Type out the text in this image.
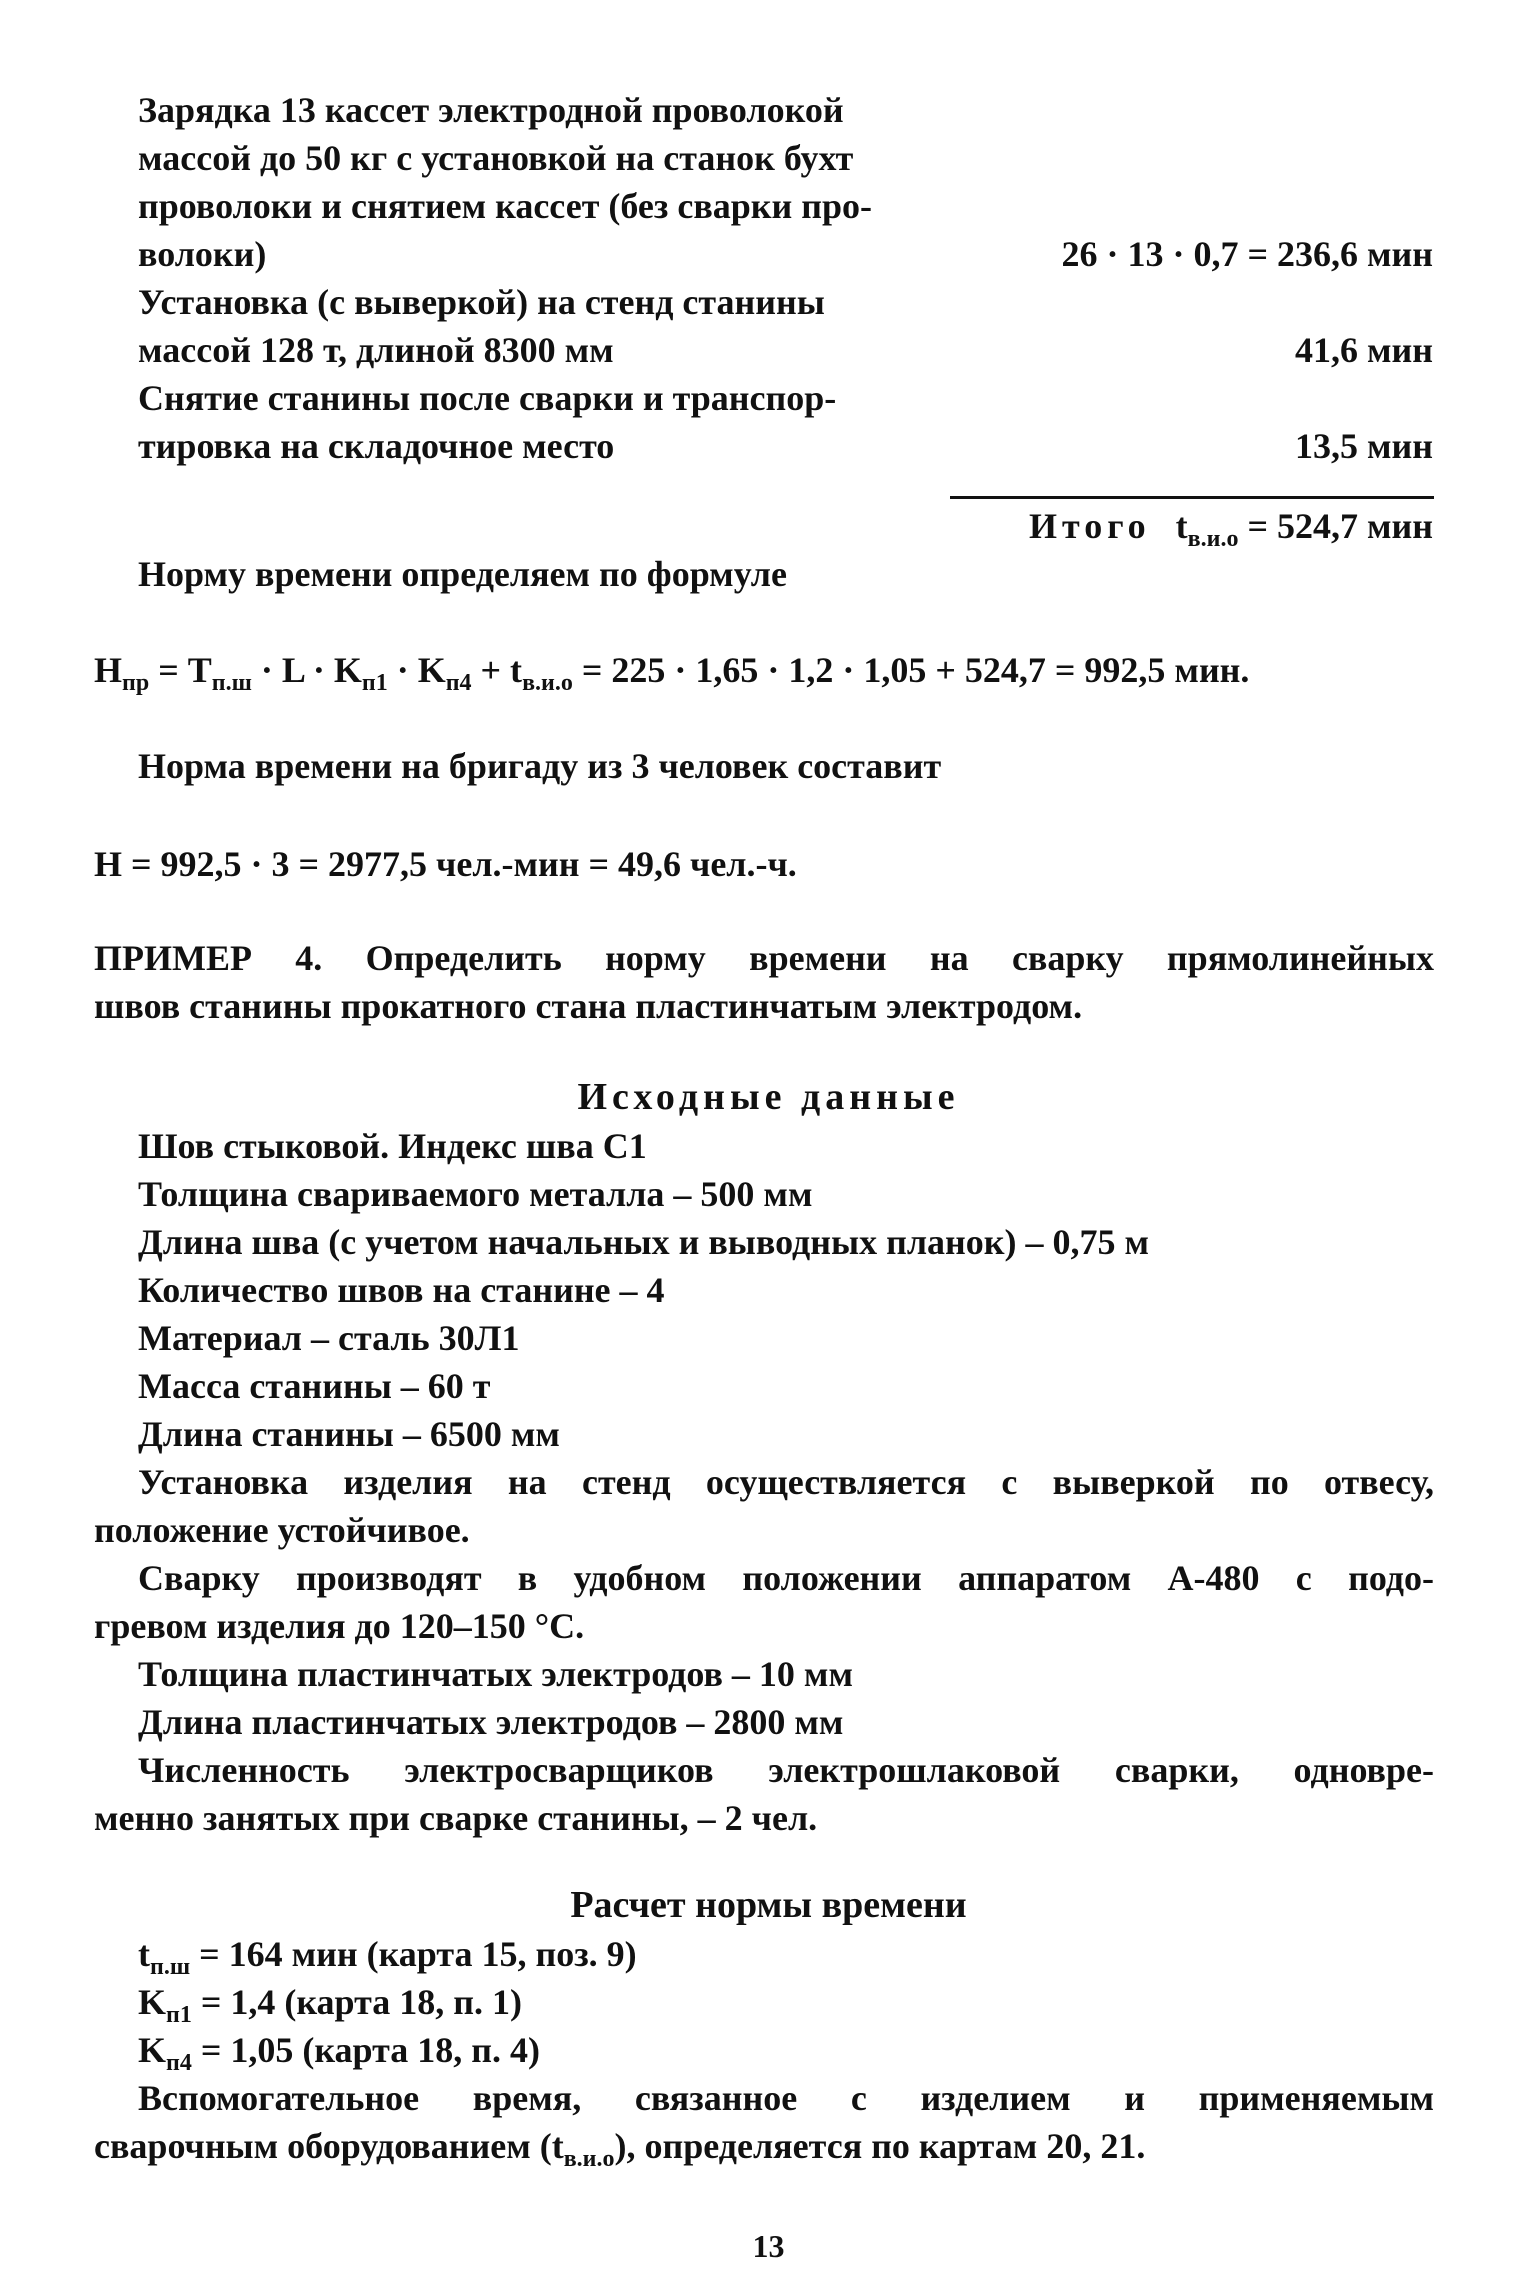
Зарядка 13 кассет электродной проволокой
массой до 50 кг с установкой на станок бухт
проволоки и снятием кассет (без сварки про-
волоки)	26 · 13 · 0,7 = 236,6 мин
Установка (с выверкой) на стенд станины
массой 128 т, длиной 8300 мм	41,6 мин
Снятие станины после сварки и транспор-
тировка на складочное место	13,5 мин
Итого $t_{в.и.о} = 524,7$ мин
Норму времени определяем по формуле
$Н_{пр} = Т_{п.ш} \cdot L \cdot K_{п1} \cdot K_{п4} + t_{в.и.о} = 225 \cdot 1,65 \cdot 1,2 \cdot 1,05 + 524,7 = 992,5$ мин.
Норма времени на бригаду из 3 человек составит
Н = 992,5 · 3 = 2977,5 чел.-мин = 49,6 чел.-ч.
ПРИМЕР 4. Определить норму времени на сварку прямолинейных
швов станины прокатного стана пластинчатым электродом.
Исходные данные
Шов стыковой. Индекс шва С1
Толщина свариваемого металла – 500 мм
Длина шва (с учетом начальных и выводных планок) – 0,75 м
Количество швов на станине – 4
Материал – сталь 30Л1
Масса станины – 60 т
Длина станины – 6500 мм
Установка изделия на стенд осуществляется с выверкой по отвесу,
положение устойчивое.
Сварку производят в удобном положении аппаратом А-480 с подо-
гревом изделия до 120–150 °С.
Толщина пластинчатых электродов – 10 мм
Длина пластинчатых электродов – 2800 мм
Численность электросварщиков электрошлаковой сварки, одновре-
менно занятых при сварке станины, – 2 чел.
Расчет нормы времени
$t_{п.ш} = 164$ мин (карта 15, поз. 9)
$K_{п1} = 1,4$ (карта 18, п. 1)
$K_{п4} = 1,05$ (карта 18, п. 4)
Вспомогательное время, связанное с изделием и применяемым
сварочным оборудованием $(t_{в.и.о})$, определяется по картам 20, 21.
13
